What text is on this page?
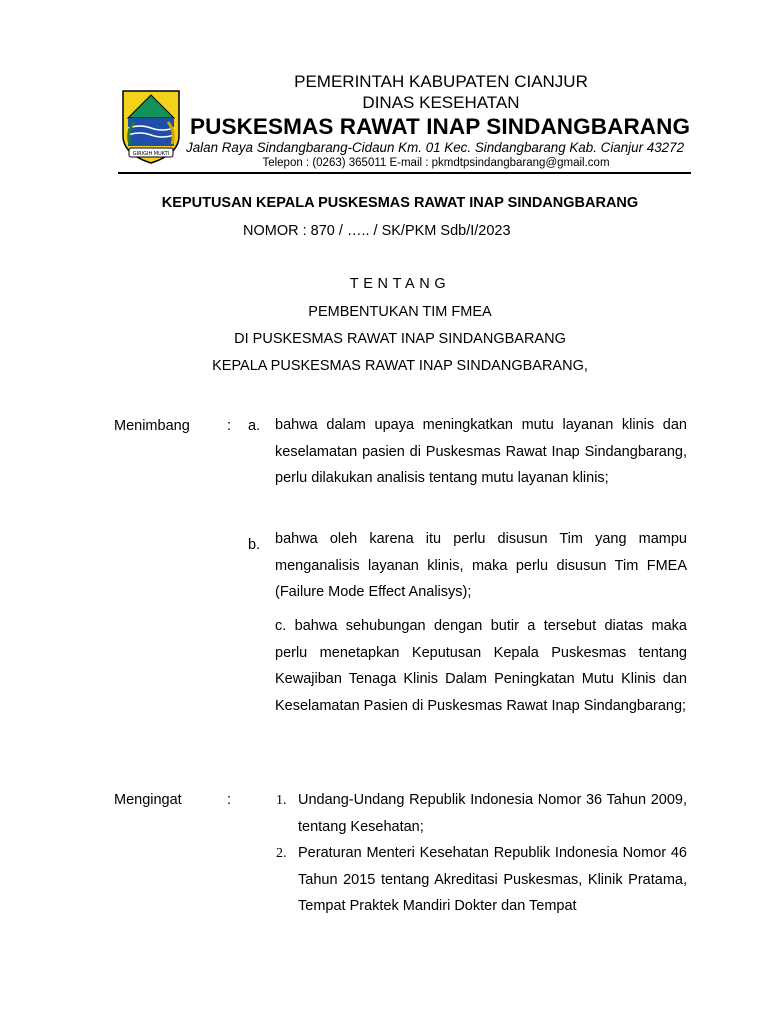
GIRIGIH MUKTI
PEMERINTAH KABUPATEN CIANJUR
DINAS KESEHATAN
PUSKESMAS RAWAT INAP SINDANGBARANG
Jalan Raya Sindangbarang-Cidaun Km. 01 Kec. Sindangbarang Kab. Cianjur 43272
Telepon : (0263) 365011 E-mail : pkmdtpsindangbarang@gmail.com
KEPUTUSAN KEPALA PUSKESMAS RAWAT INAP SINDANGBARANG
NOMOR : 870 / ….. / SK/PKM Sdb/I/2023
TENTANG
PEMBENTUKAN TIM FMEA
DI PUSKESMAS RAWAT INAP SINDANGBARANG
KEPALA PUSKESMAS RAWAT INAP SINDANGBARANG,
Menimbang	: a. bahwa dalam upaya meningkatkan mutu layanan klinis dan keselamatan pasien di Puskesmas Rawat Inap Sindangbarang, perlu dilakukan analisis tentang mutu layanan klinis;
b. bahwa oleh karena itu perlu disusun Tim yang mampu menganalisis layanan klinis, maka perlu disusun Tim FMEA (Failure Mode Effect Analisys);
c. bahwa sehubungan dengan butir a tersebut diatas maka perlu menetapkan Keputusan Kepala Puskesmas tentang Kewajiban Tenaga Klinis Dalam Peningkatan Mutu Klinis dan Keselamatan Pasien di Puskesmas Rawat Inap Sindangbarang;
Mengingat	:	1. Undang-Undang Republik Indonesia Nomor 36 Tahun 2009, tentang Kesehatan;
2. Peraturan Menteri Kesehatan Republik Indonesia Nomor 46 Tahun 2015 tentang Akreditasi Puskesmas, Klinik Pratama, Tempat Praktek Mandiri Dokter dan Tempat
